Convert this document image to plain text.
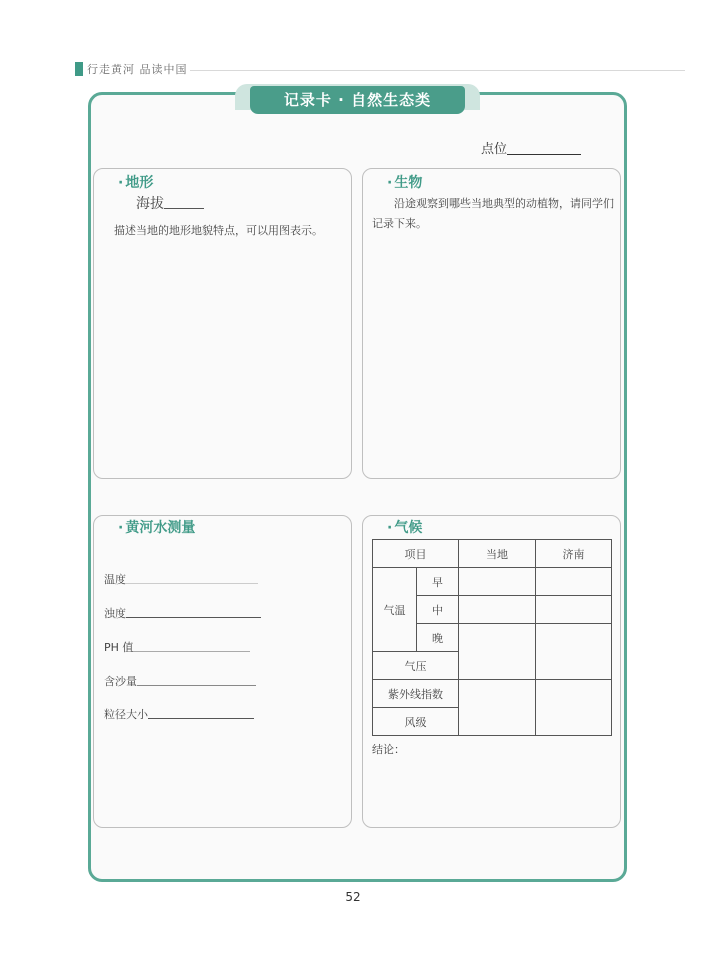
行走黄河 品读中国
记录卡 · 自然生态类
点位
· 地形
海拔
描述当地的地形地貌特点，可以用图表示。
· 生物
沿途观察到哪些当地典型的动植物，请同学们记录下来。
· 黄河水测量
温度
浊度
PH 值
含沙量
粒径大小
· 气候
项目		当地	济南
气温	早		
	中		
	晚		
气压			
紫外线指数			
风级			
结论：
52
